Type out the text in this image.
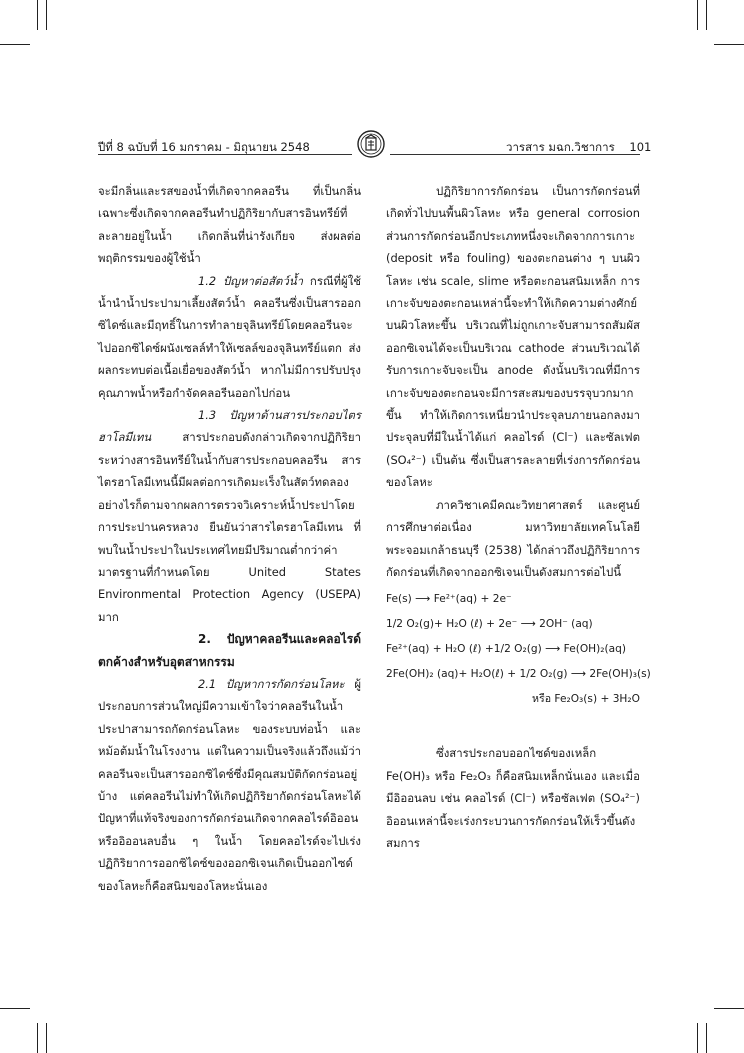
ปีที่ 8 ฉบับที่ 16 มกราคม - มิถุนายน 2548	วารสาร มฉก.วิชาการ 101

จะมีกลิ่นและรสของน้ำที่เกิดจากคลอรีน ที่เป็นกลิ่นเฉพาะซึ่งเกิดจากคลอรีนทำปฏิกิริยากับสารอินทรีย์ที่ละลายอยู่ในน้ำ เกิดกลิ่นที่น่ารังเกียจ ส่งผลต่อพฤติกรรมของผู้ใช้น้ำ

1.2 ปัญหาต่อสัตว์น้ำ กรณีที่ผู้ใช้น้ำนำน้ำประปามาเลี้ยงสัตว์น้ำ คลอรีนซึ่งเป็นสารออกซิไดซ์และมีฤทธิ์ในการทำลายจุลินทรีย์โดยคลอรีนจะไปออกซิไดซ์ผนังเซลล์ทำให้เซลล์ของจุลินทรีย์แตก ส่งผลกระทบต่อเนื้อเยื่อของสัตว์น้ำ หากไม่มีการปรับปรุงคุณภาพน้ำหรือกำจัดคลอรีนออกไปก่อน

1.3 ปัญหาด้านสารประกอบไตรฮาโลมีเทน สารประกอบดังกล่าวเกิดจากปฏิกิริยาระหว่างสารอินทรีย์ในน้ำกับสารประกอบคลอรีน สารไตรฮาโลมีเทนนี้มีผลต่อการเกิดมะเร็งในสัตว์ทดลองอย่างไรก็ตามจากผลการตรวจวิเคราะห์น้ำประปาโดยการประปานครหลวง ยืนยันว่าสารไตรฮาโลมีเทน ที่พบในน้ำประปาในประเทศไทยมีปริมาณต่ำกว่าค่ามาตรฐานที่กำหนดโดย United States Environmental Protection Agency (USEPA) มาก

2. ปัญหาคลอรีนและคลอไรด์ตกค้างสำหรับอุตสาหกรรม

2.1 ปัญหาการกัดกร่อนโลหะ ผู้ประกอบการส่วนใหญ่มีความเข้าใจว่าคลอรีนในน้ำประปาสามารถกัดกร่อนโลหะ ของระบบท่อน้ำ และหม้อต้มน้ำในโรงงาน แต่ในความเป็นจริงแล้วถึงแม้ว่าคลอรีนจะเป็นสารออกซิไดซ์ซึ่งมีคุณสมบัติกัดกร่อนอยู่บ้าง แต่คลอรีนไม่ทำให้เกิดปฏิกิริยากัดกร่อนโลหะได้ ปัญหาที่แท้จริงของการกัดกร่อนเกิดจากคลอไรด์อิออนหรืออิออนลบอื่น ๆ ในน้ำ โดยคลอไรด์จะไปเร่งปฏิกิริยาการออกซิไดซ์ของออกซิเจนเกิดเป็นออกไซด์ของโลหะก็คือสนิมของโลหะนั่นเอง

ปฏิกิริยาการกัดกร่อน เป็นการกัดกร่อนที่เกิดทั่วไปบนพื้นผิวโลหะ หรือ general corrosion ส่วนการกัดกร่อนอีกประเภทหนึ่งจะเกิดจากการเกาะ (deposit หรือ fouling) ของตะกอนต่าง ๆ บนผิวโลหะ เช่น scale, slime หรือตะกอนสนิมเหล็ก การเกาะจับของตะกอนเหล่านี้จะทำให้เกิดความต่างศักย์บนผิวโลหะขึ้น บริเวณที่ไม่ถูกเกาะจับสามารถสัมผัสออกซิเจนได้จะเป็นบริเวณ cathode ส่วนบริเวณได้รับการเกาะจับจะเป็น anode ดังนั้นบริเวณที่มีการเกาะจับของตะกอนจะมีการสะสมของบรรจุบวกมากขึ้น ทำให้เกิดการเหนี่ยวนำประจุลบภายนอกลงมา ประจุลบที่มีในน้ำได้แก่ คลอไรด์ (Cl⁻) และซัลเฟต (SO₄²⁻) เป็นต้น ซึ่งเป็นสารละลายที่เร่งการกัดกร่อนของโลหะ

ภาควิชาเคมีคณะวิทยาศาสตร์ และศูนย์การศึกษาต่อเนื่อง มหาวิทยาลัยเทคโนโลยีพระจอมเกล้าธนบุรี (2538) ได้กล่าวถึงปฏิกิริยาการกัดกร่อนที่เกิดจากออกซิเจนเป็นดังสมการต่อไปนี้

Fe(s) ⟶ Fe²⁺(aq) + 2e⁻

1/2 O₂(g)+ H₂O (ℓ) + 2e⁻ ⟶ 2OH⁻ (aq)

Fe²⁺(aq) + H₂O (ℓ) +1/2 O₂(g) ⟶ Fe(OH)₂(aq)

2Fe(OH)₂ (aq)+ H₂O(ℓ) + 1/2 O₂(g) ⟶ 2Fe(OH)₃(s)

หรือ Fe₂O₃(s) + 3H₂O

ซึ่งสารประกอบออกไซด์ของเหล็ก Fe(OH)₃ หรือ Fe₂O₃ ก็คือสนิมเหล็กนั่นเอง และเมื่อมีอิออนลบ เช่น คลอไรด์ (Cl⁻) หรือซัลเฟต (SO₄²⁻) อิออนเหล่านี้จะเร่งกระบวนการกัดกร่อนให้เร็วขึ้นดังสมการ
